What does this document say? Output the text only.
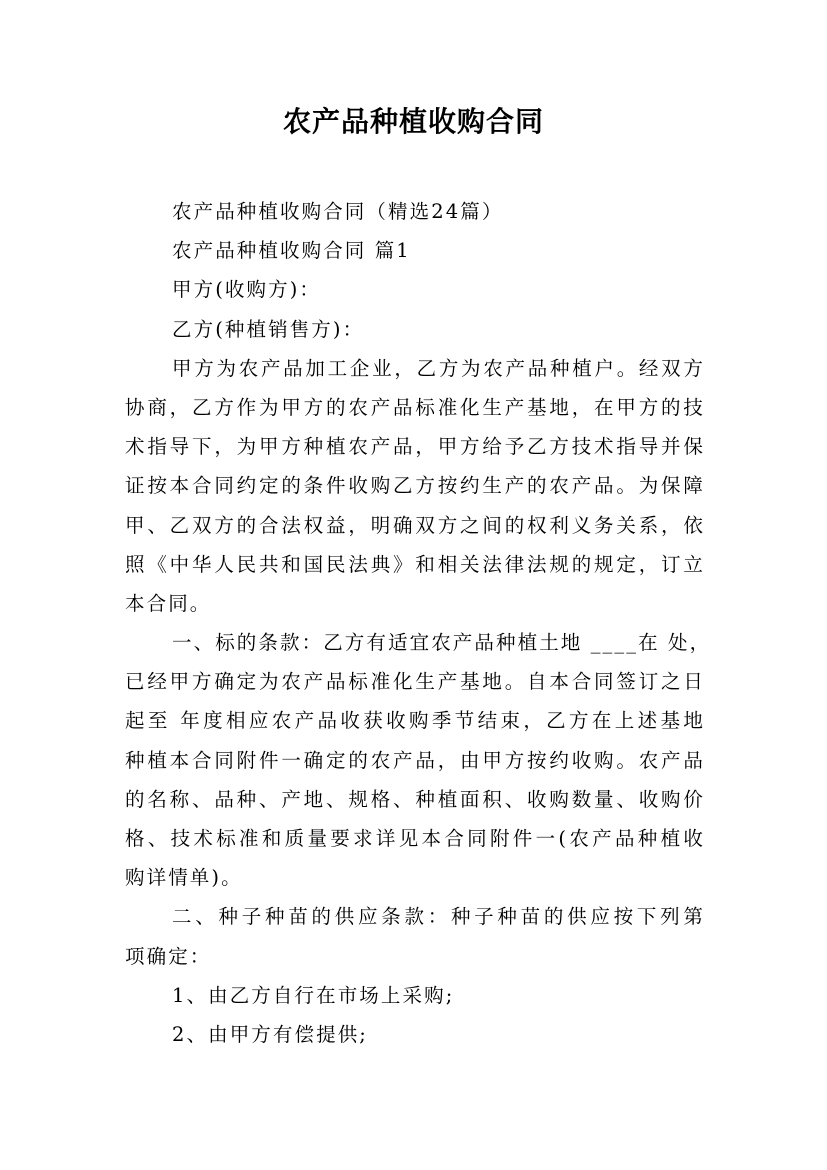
农产品种植收购合同
农产品种植收购合同（精选24篇）
农产品种植收购合同 篇1
甲方(收购方)：
乙方(种植销售方)：
甲方为农产品加工企业，乙方为农产品种植户。经双方
协商，乙方作为甲方的农产品标准化生产基地，在甲方的技
术指导下，为甲方种植农产品，甲方给予乙方技术指导并保
证按本合同约定的条件收购乙方按约生产的农产品。为保障
甲、乙双方的合法权益，明确双方之间的权利义务关系，依
照《中华人民共和国民法典》和相关法律法规的规定，订立
本合同。
一、标的条款：乙方有适宜农产品种植土地 ____在 处，
已经甲方确定为农产品标准化生产基地。自本合同签订之日
起至 年度相应农产品收获收购季节结束，乙方在上述基地
种植本合同附件一确定的农产品，由甲方按约收购。农产品
的名称、品种、产地、规格、种植面积、收购数量、收购价
格、技术标准和质量要求详见本合同附件一(农产品种植收
购详情单)。
二、种子种苗的供应条款：种子种苗的供应按下列第
项确定：
1、由乙方自行在市场上采购;
2、由甲方有偿提供;
